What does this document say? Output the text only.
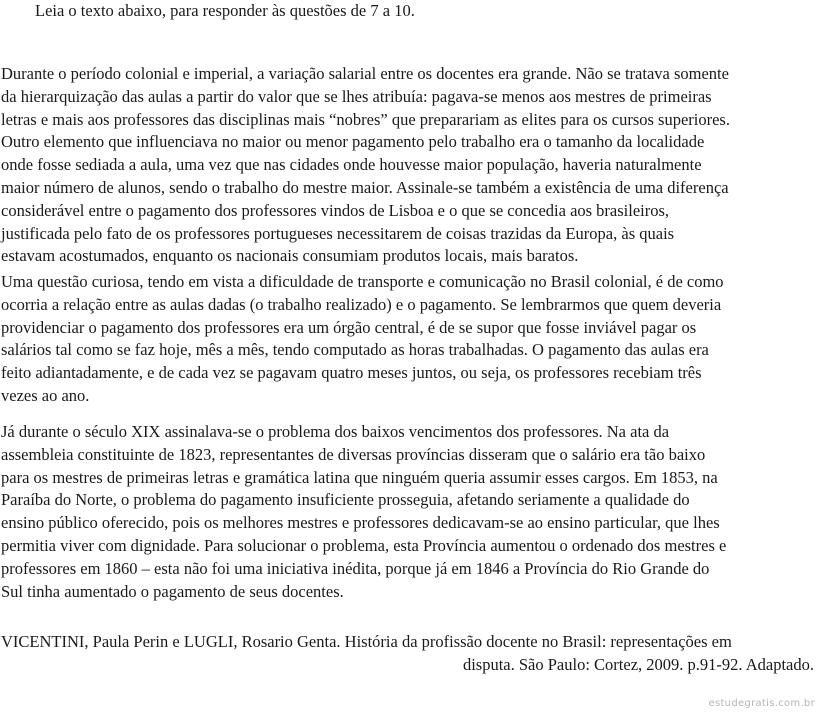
Leia o texto abaixo, para responder às questões de 7 a 10.

Durante o período colonial e imperial, a variação salarial entre os docentes era grande. Não se tratava somente
da hierarquização das aulas a partir do valor que se lhes atribuía: pagava-se menos aos mestres de primeiras
letras e mais aos professores das disciplinas mais “nobres” que preparariam as elites para os cursos superiores.
Outro elemento que influenciava no maior ou menor pagamento pelo trabalho era o tamanho da localidade
onde fosse sediada a aula, uma vez que nas cidades onde houvesse maior população, haveria naturalmente
maior número de alunos, sendo o trabalho do mestre maior. Assinale-se também a existência de uma diferença
considerável entre o pagamento dos professores vindos de Lisboa e o que se concedia aos brasileiros,
justificada pelo fato de os professores portugueses necessitarem de coisas trazidas da Europa, às quais
estavam acostumados, enquanto os nacionais consumiam produtos locais, mais baratos.

Uma questão curiosa, tendo em vista a dificuldade de transporte e comunicação no Brasil colonial, é de como
ocorria a relação entre as aulas dadas (o trabalho realizado) e o pagamento. Se lembrarmos que quem deveria
providenciar o pagamento dos professores era um órgão central, é de se supor que fosse inviável pagar os
salários tal como se faz hoje, mês a mês, tendo computado as horas trabalhadas. O pagamento das aulas era
feito adiantadamente, e de cada vez se pagavam quatro meses juntos, ou seja, os professores recebiam três
vezes ao ano.

Já durante o século XIX assinalava-se o problema dos baixos vencimentos dos professores. Na ata da
assembleia constituinte de 1823, representantes de diversas províncias disseram que o salário era tão baixo
para os mestres de primeiras letras e gramática latina que ninguém queria assumir esses cargos. Em 1853, na
Paraíba do Norte, o problema do pagamento insuficiente prosseguia, afetando seriamente a qualidade do
ensino público oferecido, pois os melhores mestres e professores dedicavam-se ao ensino particular, que lhes
permitia viver com dignidade. Para solucionar o problema, esta Província aumentou o ordenado dos mestres e
professores em 1860 – esta não foi uma iniciativa inédita, porque já em 1846 a Província do Rio Grande do
Sul tinha aumentado o pagamento de seus docentes.

VICENTINI, Paula Perin e LUGLI, Rosario Genta. História da profissão docente no Brasil: representações em
disputa. São Paulo: Cortez, 2009. p.91-92. Adaptado.

estudegratis.com.br
